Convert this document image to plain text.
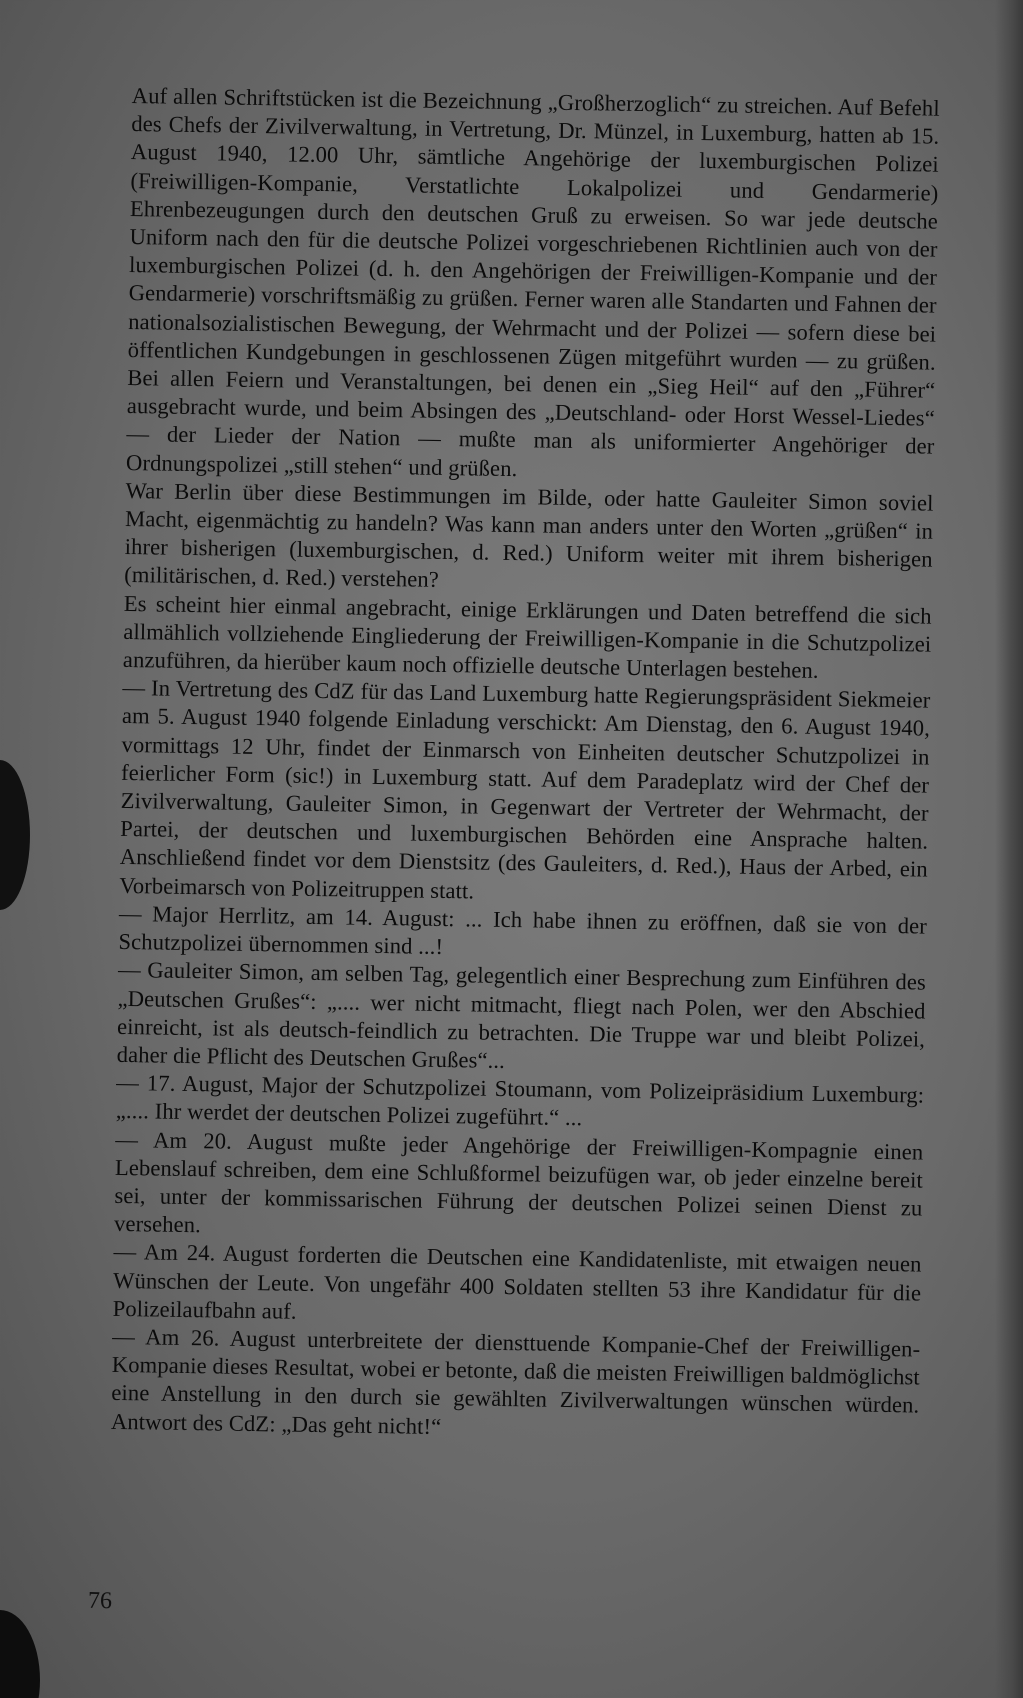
Auf allen Schriftstücken ist die Bezeichnung „Großherzoglich“ zu streichen. Auf Befehl des Chefs der Zivilverwaltung, in Vertretung, Dr. Münzel, in Luxemburg, hatten ab 15. August 1940, 12.00 Uhr, sämtliche Angehörige der luxemburgischen Polizei (Freiwilligen-Kompanie, Verstatlichte Lokalpolizei und Gendarmerie) Ehrenbezeugungen durch den deutschen Gruß zu erweisen. So war jede deutsche Uniform nach den für die deutsche Polizei vorgeschriebenen Richtlinien auch von der luxemburgischen Polizei (d. h. den Angehörigen der Freiwilligen-Kompanie und der Gendarmerie) vorschriftsmäßig zu grüßen. Ferner waren alle Standarten und Fahnen der nationalsozialistischen Bewegung, der Wehrmacht und der Polizei — sofern diese bei öffentlichen Kundgebungen in geschlossenen Zügen mitgeführt wurden — zu grüßen. Bei allen Feiern und Veranstaltungen, bei denen ein „Sieg Heil“ auf den „Führer“ ausgebracht wurde, und beim Absingen des „Deutschland- oder Horst Wessel-Liedes“ — der Lieder der Nation — mußte man als uniformierter Angehöriger der Ordnungspolizei „still stehen“ und grüßen.

War Berlin über diese Bestimmungen im Bilde, oder hatte Gauleiter Simon soviel Macht, eigenmächtig zu handeln? Was kann man anders unter den Worten „grüßen“ in ihrer bisherigen (luxemburgischen, d. Red.) Uniform weiter mit ihrem bisherigen (militärischen, d. Red.) verstehen?

Es scheint hier einmal angebracht, einige Erklärungen und Daten betreffend die sich allmählich vollziehende Eingliederung der Freiwilligen-Kompanie in die Schutzpolizei anzuführen, da hierüber kaum noch offizielle deutsche Unterlagen bestehen.

— In Vertretung des CdZ für das Land Luxemburg hatte Regierungspräsident Siekmeier am 5. August 1940 folgende Einladung verschickt: Am Dienstag, den 6. August 1940, vormittags 12 Uhr, findet der Einmarsch von Einheiten deutscher Schutzpolizei in feierlicher Form (sic!) in Luxemburg statt. Auf dem Paradeplatz wird der Chef der Zivilverwaltung, Gauleiter Simon, in Gegenwart der Vertreter der Wehrmacht, der Partei, der deutschen und luxemburgischen Behörden eine Ansprache halten. Anschließend findet vor dem Dienstsitz (des Gauleiters, d. Red.), Haus der Arbed, ein Vorbeimarsch von Polizeitruppen statt.

— Major Herrlitz, am 14. August: ... Ich habe ihnen zu eröffnen, daß sie von der Schutzpolizei übernommen sind ...!

— Gauleiter Simon, am selben Tag, gelegentlich einer Besprechung zum Einführen des „Deutschen Grußes“: „.... wer nicht mitmacht, fliegt nach Polen, wer den Abschied einreicht, ist als deutsch-feindlich zu betrachten. Die Truppe war und bleibt Polizei, daher die Pflicht des Deutschen Grußes“...

— 17. August, Major der Schutzpolizei Stoumann, vom Polizeipräsidium Luxemburg: „.... Ihr werdet der deutschen Polizei zugeführt.“ ...

— Am 20. August mußte jeder Angehörige der Freiwilligen-Kompagnie einen Lebenslauf schreiben, dem eine Schlußformel beizufügen war, ob jeder einzelne bereit sei, unter der kommissarischen Führung der deutschen Polizei seinen Dienst zu versehen.

— Am 24. August forderten die Deutschen eine Kandidatenliste, mit etwaigen neuen Wünschen der Leute. Von ungefähr 400 Soldaten stellten 53 ihre Kandidatur für die Polizeilaufbahn auf.

— Am 26. August unterbreitete der diensttuende Kompanie-Chef der Freiwilligen-Kompanie dieses Resultat, wobei er betonte, daß die meisten Freiwilligen baldmöglichst eine Anstellung in den durch sie gewählten Zivilverwaltungen wünschen würden. Antwort des CdZ: „Das geht nicht!“

76
